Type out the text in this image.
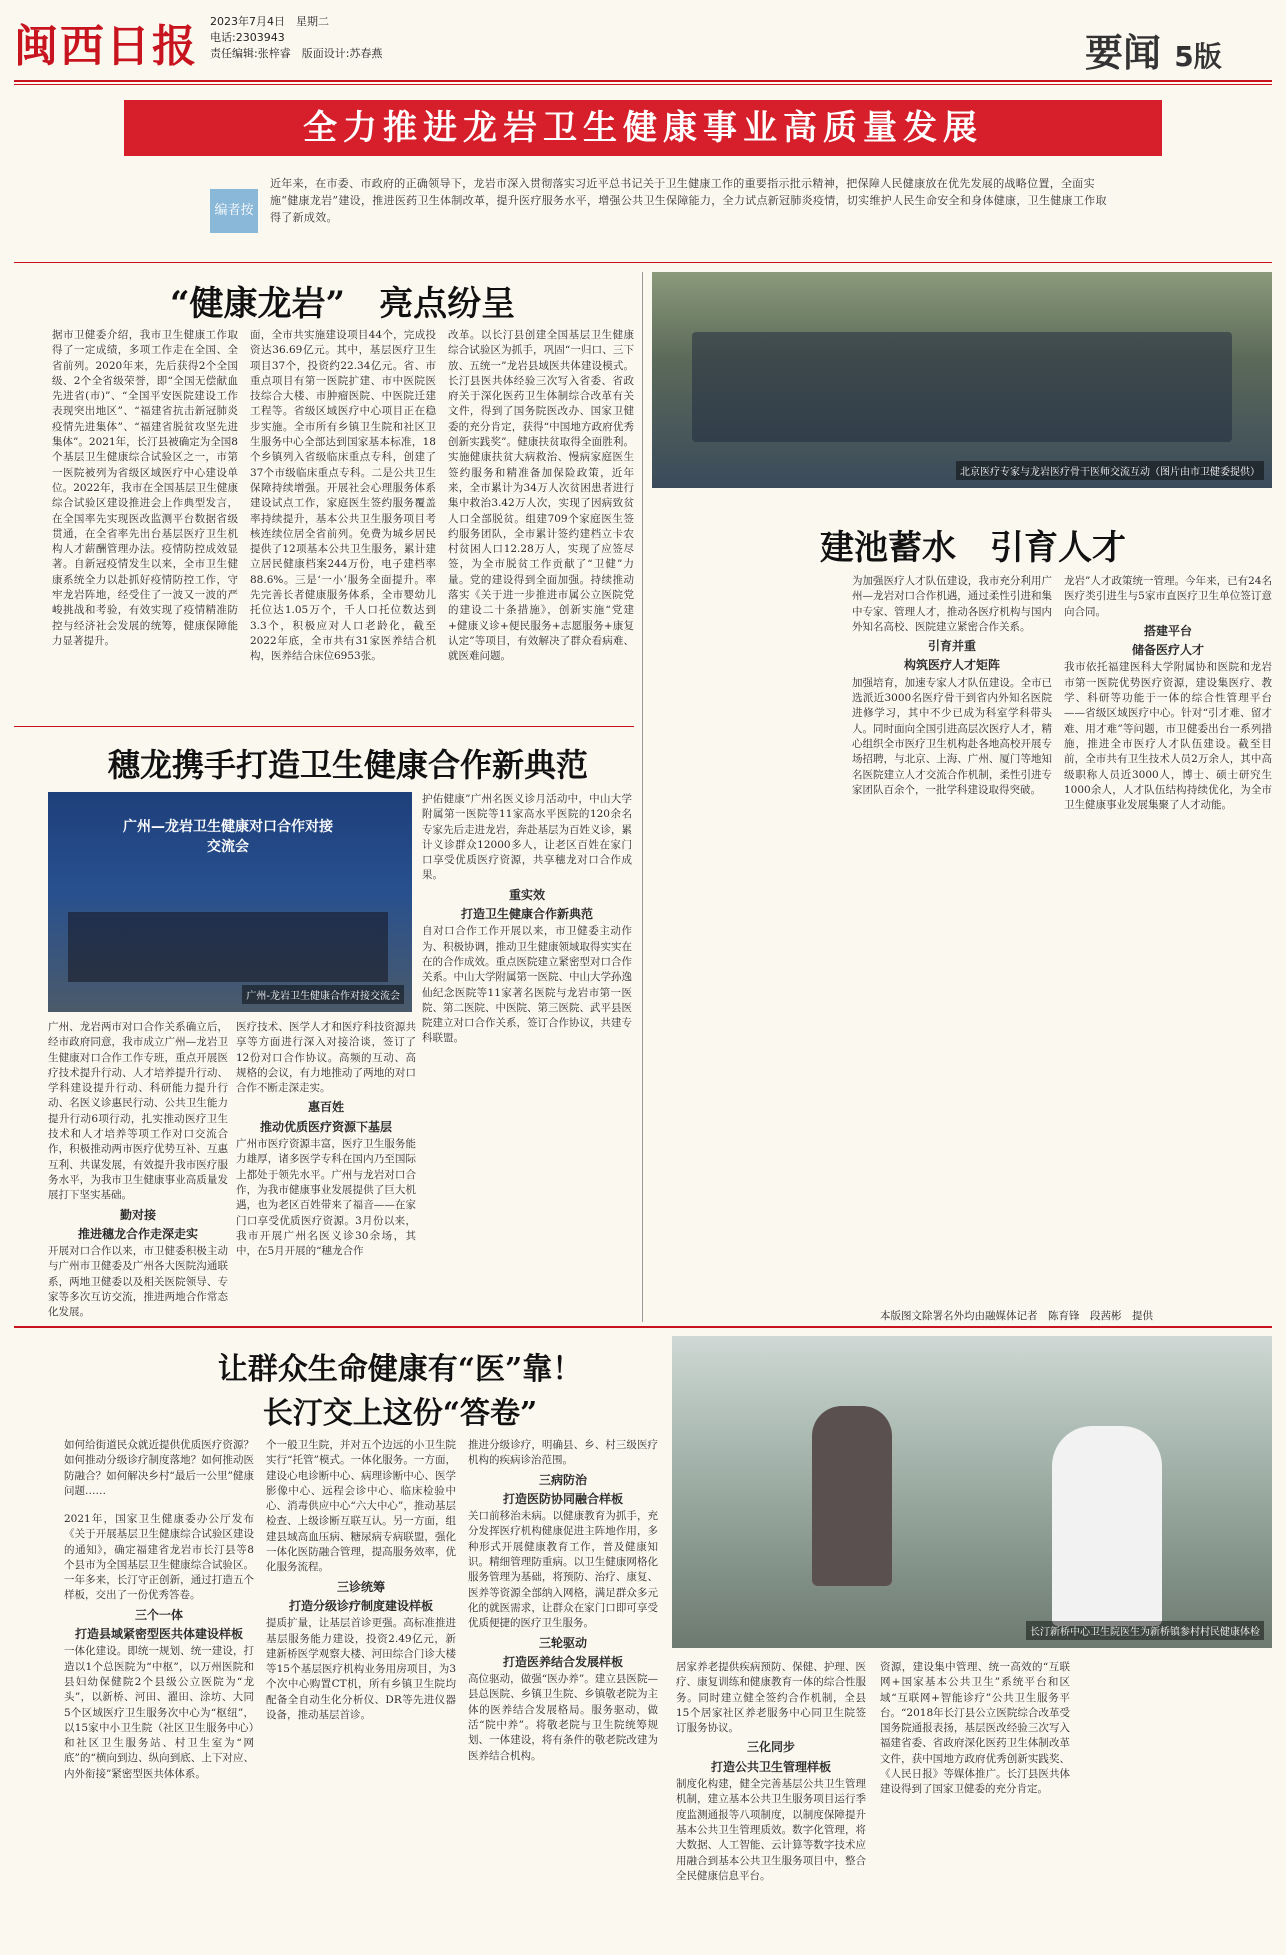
闽西日报 2023年7月4日　星期二
电话:2303943
责任编辑:张梓睿　版面设计:苏春燕	要闻 5版
全力推进龙岩卫生健康事业高质量发展
编者按
近年来，在市委、市政府的正确领导下，龙岩市深入贯彻落实习近平总书记关于卫生健康工作的重要指示批示精神，把保障人民健康放在优先发展的战略位置，全面实施“健康龙岩”建设，推进医药卫生体制改革，提升医疗服务水平，增强公共卫生保障能力，全力试点新冠肺炎疫情，切实维护人民生命安全和身体健康，卫生健康工作取得了新成效。
“健康龙岩”　亮点纷呈
据市卫健委介绍，我市卫生健康工作取得了一定成绩，多项工作走在全国、全省前列。2020年来，先后获得2个全国级、2个全省级荣誉，即“全国无偿献血先进省(市)”、“全国平安医院建设工作表现突出地区”、“福建省抗击新冠肺炎疫情先进集体”、“福建省脱贫攻坚先进集体”。2021年，长汀县被确定为全国8个基层卫生健康综合试验区之一，市第一医院被列为省级区域医疗中心建设单位。2022年，我市在全国基层卫生健康综合试验区建设推进会上作典型发言，在全国率先实现医改监测平台数据省级贯通，在全省率先出台基层医疗卫生机构人才薪酬管理办法。疫情防控成效显著。自新冠疫情发生以来，全市卫生健康系统全力以赴抓好疫情防控工作，守牢龙岩阵地，经受住了一波又一波的严峻挑战和考验，有效实现了疫情精准防控与经济社会发展的统筹，健康保障能力显著提升。
面，全市共实施建设项目44个，完成投资达36.69亿元。其中，基层医疗卫生项目37个，投资约22.34亿元。省、市重点项目有第一医院扩建、市中医院医技综合大楼、市肿瘤医院、中医院迁建工程等。省级区域医疗中心项目正在稳步实施。全市所有乡镇卫生院和社区卫生服务中心全部达到国家基本标准，18个乡镇列入省级临床重点专科，创建了37个市级临床重点专科。二是公共卫生保障持续增强。开展社会心理服务体系建设试点工作，家庭医生签约服务覆盖率持续提升，基本公共卫生服务项目考核连续位居全省前列。免费为城乡居民提供了12项基本公共卫生服务，累计建立居民健康档案244万份，电子建档率88.6%。三是‘一小’服务全面提升。率先完善长者健康服务体系，全市婴幼儿托位达1.05万个，千人口托位数达到3.3个，积极应对人口老龄化，截至2022年底，全市共有31家医养结合机构，医养结合床位6953张。
改革。以长汀县创建全国基层卫生健康综合试验区为抓手，巩固“一归口、三下放、五统一”龙岩县域医共体建设模式。长汀县医共体经验三次写入省委、省政府关于深化医药卫生体制综合改革有关文件，得到了国务院医改办、国家卫健委的充分肯定，获得“中国地方政府优秀创新实践奖”。健康扶贫取得全面胜利。实施健康扶贫大病救治、慢病家庭医生签约服务和精准备加保险政策，近年来，全市累计为34万人次贫困患者进行集中救治3.42万人次，实现了因病致贫人口全部脱贫。组建709个家庭医生签约服务团队，全市累计签约建档立卡农村贫困人口12.28万人，实现了应签尽签，为全市脱贫工作贡献了“卫健”力量。党的建设得到全面加强。持续推动落实《关于进一步推进市属公立医院党的建设二十条措施》，创新实施“党建+健康义诊+便民服务+志愿服务+康复认定”等项目，有效解决了群众看病难、就医难问题。
北京医疗专家与龙岩医疗骨干医师交流互动（图片由市卫健委提供）
建池蓄水　引育人才
为加强医疗人才队伍建设，我市充分利用广州—龙岩对口合作机遇，通过柔性引进和集中专家、管理人才，推动各医疗机构与国内外知名高校、医院建立紧密合作关系。
引育并重
构筑医疗人才矩阵
加强培育，加速专家人才队伍建设。全市已选派近3000名医疗骨干到省内外知名医院进修学习，其中不少已成为科室学科带头人。同时面向全国引进高层次医疗人才，精心组织全市医疗卫生机构赴各地高校开展专场招聘，与北京、上海、广州、厦门等地知名医院建立人才交流合作机制，柔性引进专家团队百余个，一批学科建设取得突破。
龙岩”人才政策统一管理。今年来，已有24名医疗类引进生与5家市直医疗卫生单位签订意向合同。
搭建平台
储备医疗人才
我市依托福建医科大学附属协和医院和龙岩市第一医院优势医疗资源，建设集医疗、教学、科研等功能于一体的综合性管理平台——省级区域医疗中心。针对“引才难、留才难、用才难”等问题，市卫健委出台一系列措施，推进全市医疗人才队伍建设。截至目前，全市共有卫生技术人员2万余人，其中高级职称人员近3000人，博士、硕士研究生1000余人，人才队伍结构持续优化，为全市卫生健康事业发展集聚了人才动能。
本版图文除署名外均由融媒体记者　陈育锋　段茜彬　提供
穗龙携手打造卫生健康合作新典范
广州—龙岩卫生健康对口合作对接交流会
广州-龙岩卫生健康合作对接交流会
护佑健康”广州名医义诊月活动中，中山大学附属第一医院等11家高水平医院的120余名专家先后走进龙岩，奔赴基层为百姓义诊，累计义诊群众12000多人，让老区百姓在家门口享受优质医疗资源，共享穗龙对口合作成果。
重实效
打造卫生健康合作新典范
自对口合作工作开展以来，市卫健委主动作为、积极协调，推动卫生健康领域取得实实在在的合作成效。重点医院建立紧密型对口合作关系。中山大学附属第一医院、中山大学孙逸仙纪念医院等11家著名医院与龙岩市第一医院、第二医院、中医院、第三医院、武平县医院建立对口合作关系，签订合作协议，共建专科联盟。
广州、龙岩两市对口合作关系确立后，经市政府同意，我市成立广州—龙岩卫生健康对口合作工作专班，重点开展医疗技术提升行动、人才培养提升行动、学科建设提升行动、科研能力提升行动、名医义诊惠民行动、公共卫生能力提升行动6项行动，扎实推动医疗卫生技术和人才培养等项工作对口交流合作，积极推动两市医疗优势互补、互惠互利、共谋发展，有效提升我市医疗服务水平，为我市卫生健康事业高质量发展打下坚实基础。
勤对接
推进穗龙合作走深走实
开展对口合作以来，市卫健委积极主动与广州市卫健委及广州各大医院沟通联系，两地卫健委以及相关医院领导、专家等多次互访交流，推进两地合作常态化发展。
医疗技术、医学人才和医疗科技资源共享等方面进行深入对接洽谈，签订了12份对口合作协议。高频的互动、高规格的会议，有力地推动了两地的对口合作不断走深走实。
惠百姓
推动优质医疗资源下基层
广州市医疗资源丰富，医疗卫生服务能力雄厚，诸多医学专科在国内乃至国际上都处于领先水平。广州与龙岩对口合作，为我市健康事业发展提供了巨大机遇，也为老区百姓带来了福音——在家门口享受优质医疗资源。3月份以来，我市开展广州名医义诊30余场，其中，在5月开展的“穗龙合作
让群众生命健康有“医”靠！
长汀交上这份“答卷”
如何给街道民众就近提供优质医疗资源？如何推动分级诊疗制度落地？如何推动医防融合？如何解决乡村“最后一公里”健康问题……
2021年，国家卫生健康委办公厅发布《关于开展基层卫生健康综合试验区建设的通知》，确定福建省龙岩市长汀县等8个县市为全国基层卫生健康综合试验区。一年多来，长汀守正创新，通过打造五个样板，交出了一份优秀答卷。
三个一体
打造县域紧密型医共体建设样板
一体化建设。即统一规划、统一建设，打造以1个总医院为“中枢”，以万州医院和县妇幼保健院2个县级公立医院为“龙头”，以新桥、河田、濯田、涂坊、大同5个区域医疗卫生服务次中心为“枢纽”，以15家中小卫生院（社区卫生服务中心）和社区卫生服务站、村卫生室为“网底”的“横向到边、纵向到底、上下对应、内外衔接”紧密型医共体体系。
个一般卫生院，并对五个边远的小卫生院实行“托管”模式。一体化服务。一方面，建设心电诊断中心、病理诊断中心、医学影像中心、远程会诊中心、临床检验中心、消毒供应中心“六大中心”，推动基层检查、上级诊断互联互认。另一方面，组建县域高血压病、糖尿病专病联盟，强化一体化医防融合管理，提高服务效率，优化服务流程。
三诊统筹
打造分级诊疗制度建设样板
提质扩量，让基层首诊更强。高标准推进基层服务能力建设，投资2.49亿元，新建新桥医学观察大楼、河田综合门诊大楼等15个基层医疗机构业务用房项目，为3个次中心购置CT机，所有乡镇卫生院均配备全自动生化分析仪、DR等先进仪器设备，推动基层首诊。
推进分级诊疗，明确县、乡、村三级医疗机构的疾病诊治范围。
三病防治
打造医防协同融合样板
关口前移治未病。以健康教育为抓手，充分发挥医疗机构健康促进主阵地作用，多种形式开展健康教育工作，普及健康知识。精细管理防重病。以卫生健康网格化服务管理为基础，将预防、治疗、康复、医养等资源全部纳入网格，满足群众多元化的就医需求，让群众在家门口即可享受优质便捷的医疗卫生服务。
三轮驱动
打造医养结合发展样板
高位驱动，做强“医办养”。建立县医院—县总医院、乡镇卫生院、乡镇敬老院为主体的医养结合发展格局。服务驱动，做活“院中养”。将敬老院与卫生院统筹规划、一体建设，将有条件的敬老院改建为医养结合机构。
长汀新桥中心卫生院医生为新桥镇参村村民健康体检
居家养老提供疾病预防、保健、护理、医疗、康复训练和健康教育一体的综合性服务。同时建立健全签约合作机制，全县15个居家社区养老服务中心同卫生院签订服务协议。
三化同步
打造公共卫生管理样板
制度化构建，健全完善基层公共卫生管理机制，建立基本公共卫生服务项目运行季度监测通报等八项制度，以制度保障提升基本公共卫生管理质效。数字化管理，将大数据、人工智能、云计算等数字技术应用融合到基本公共卫生服务项目中，整合全民健康信息平台。
资源，建设集中管理、统一高效的“互联网+国家基本公共卫生”系统平台和区域“互联网+智能诊疗”公共卫生服务平台。“2018年长汀县公立医院综合改革受国务院通报表扬，基层医改经验三次写入福建省委、省政府深化医药卫生体制改革文件，获中国地方政府优秀创新实践奖、《人民日报》等媒体推广。长汀县医共体建设得到了国家卫健委的充分肯定。
